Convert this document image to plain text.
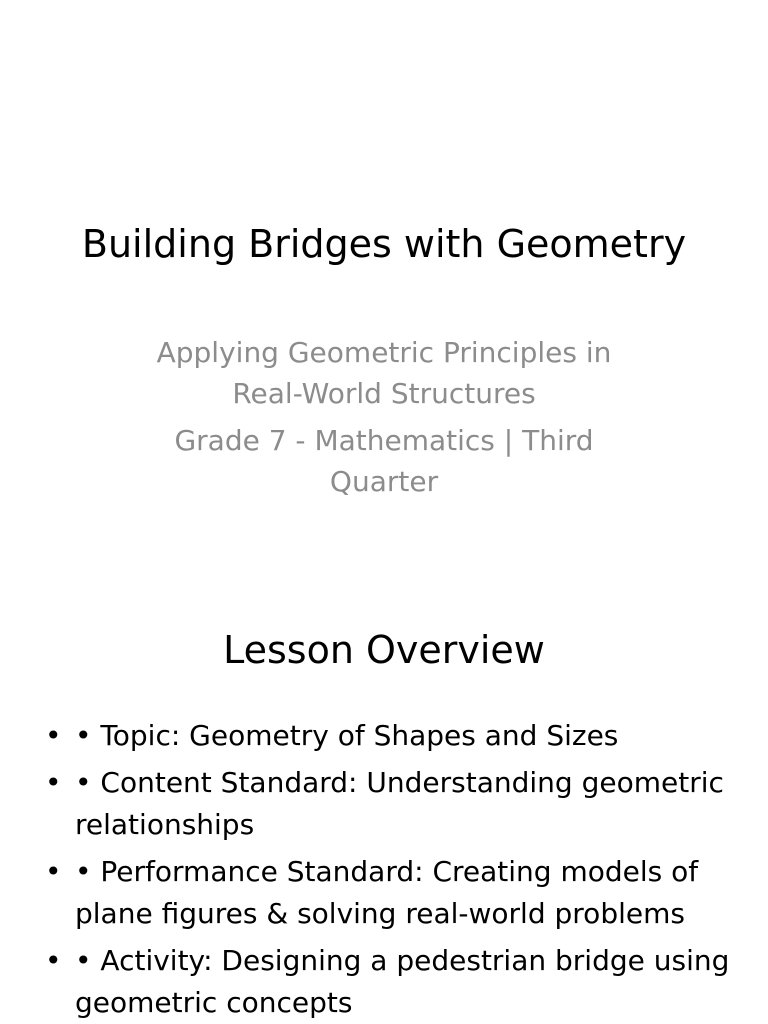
Building Bridges with Geometry

Applying Geometric Principles in Real-World Structures

Grade 7 - Mathematics | Third Quarter

Lesson Overview
• • Topic: Geometry of Shapes and Sizes
• • Content Standard: Understanding geometric relationships
• • Performance Standard: Creating models of plane figures & solving real-world problems
• • Activity: Designing a pedestrian bridge using geometric concepts
